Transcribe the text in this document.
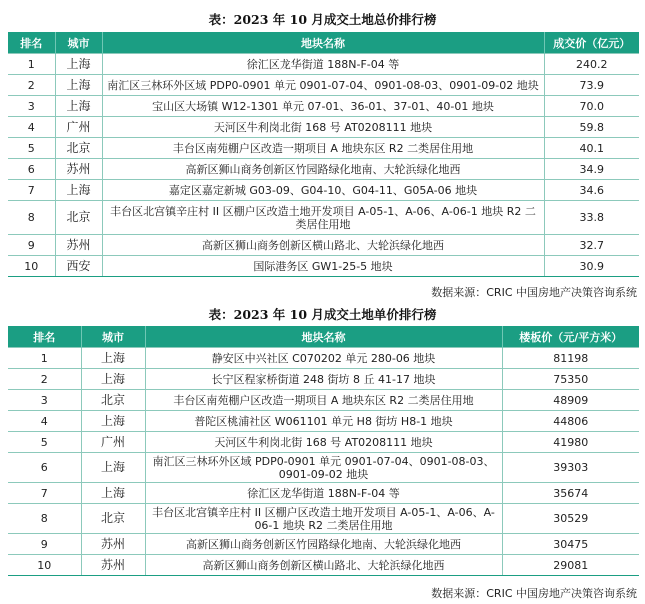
表：2023 年 10 月成交土地总价排行榜
排名	城市	地块名称	成交价（亿元）
1	上海	徐汇区龙华街道 188N-F-04 等	240.2
2	上海	南汇区三林环外区域 PDP0-0901 单元 0901-07-04、0901-08-03、0901-09-02 地块	73.9
3	上海	宝山区大场镇 W12-1301 单元 07-01、36-01、37-01、40-01 地块	70.0
4	广州	天河区牛利岗北街 168 号 AT0208111 地块	59.8
5	北京	丰台区南苑棚户区改造一期项目 A 地块东区 R2 二类居住用地	40.1
6	苏州	高新区狮山商务创新区竹园路绿化地南、大轮浜绿化地西	34.9
7	上海	嘉定区嘉定新城 G03-09、G04-10、G04-11、G05A-06 地块	34.6
8	北京	丰台区北宫镇辛庄村 II 区棚户区改造土地开发项目 A-05-1、A-06、A-06-1 地块 R2 二类居住用地	33.8
9	苏州	高新区狮山商务创新区横山路北、大轮浜绿化地西	32.7
10	西安	国际港务区 GW1-25-5 地块	30.9
数据来源：CRIC 中国房地产决策咨询系统
表：2023 年 10 月成交土地单价排行榜
排名	城市	地块名称	楼板价（元/平方米）
1	上海	静安区中兴社区 C070202 单元 280-06 地块	81198
2	上海	长宁区程家桥街道 248 街坊 8 丘 41-17 地块	75350
3	北京	丰台区南苑棚户区改造一期项目 A 地块东区 R2 二类居住用地	48909
4	上海	普陀区桃浦社区 W061101 单元 H8 街坊 H8-1 地块	44806
5	广州	天河区牛利岗北街 168 号 AT0208111 地块	41980
6	上海	南汇区三林环外区域 PDP0-0901 单元 0901-07-04、0901-08-03、0901-09-02 地块	39303
7	上海	徐汇区龙华街道 188N-F-04 等	35674
8	北京	丰台区北宫镇辛庄村 II 区棚户区改造土地开发项目 A-05-1、A-06、A-06-1 地块 R2 二类居住用地	30529
9	苏州	高新区狮山商务创新区竹园路绿化地南、大轮浜绿化地西	30475
10	苏州	高新区狮山商务创新区横山路北、大轮浜绿化地西	29081
数据来源：CRIC 中国房地产决策咨询系统
